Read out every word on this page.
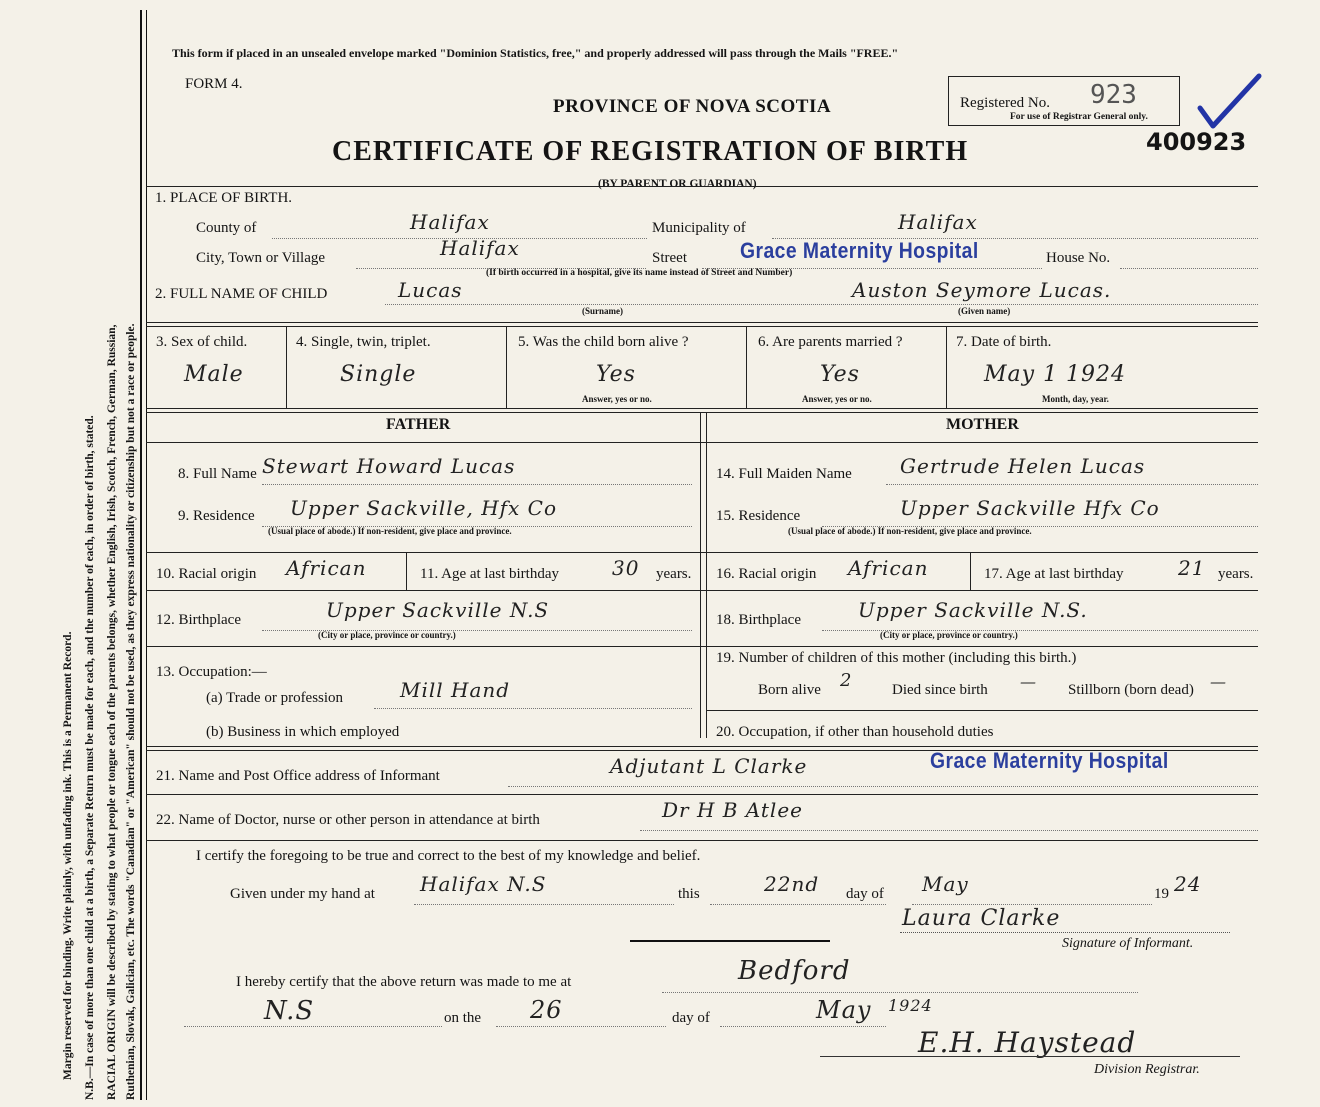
Margin reserved for binding. Write plainly, with unfading ink. This is a Permanent Record. N.B.—In case of more than one child at a birth, a Separate Return must be made for each, and the number of each, in order of birth, stated. RACIAL ORIGIN will be described by stating to what people or tongue each of the parents belongs, whether English, Irish, Scotch, French, German, Russian, Ruthenian, Slovak, Galician, etc. The words "Canadian" or "American" should not be used, as they express nationality or citizenship but not a race or people.
This form if placed in an unsealed envelope marked "Dominion Statistics, free," and properly addressed will pass through the Mails "FREE."
FORM 4.
PROVINCE OF NOVA SCOTIA
CERTIFICATE OF REGISTRATION OF BIRTH
(BY PARENT OR GUARDIAN)
Registered No. 923
For use of Registrar General only.
400923
1. PLACE OF BIRTH.
County of	Halifax	Municipality of	Halifax
City, Town or Village	Halifax	Street Grace Maternity Hospital	House No.
(If birth occurred in a hospital, give its name instead of Street and Number)
2. FULL NAME OF CHILD	Lucas
(Surname)
Auston Seymore Lucas.
(Given name)
3. Sex of child.
Male
4. Single, twin, triplet.
Single
5. Was the child born alive ?
Yes
Answer, yes or no.
6. Are parents married ?
Yes
Answer, yes or no.
7. Date of birth.
May 1 1924
Month, day, year.
FATHER	MOTHER
8. Full Name Stewart Howard Lucas
9. Residence Upper Sackville, Hfx Co
(Usual place of abode.) If non-resident, give place and province.
10. Racial origin African	11. Age at last birthday	30 years.
12. Birthplace	Upper Sackville N.S
(City or place, province or country.)
13. Occupation:—
(a) Trade or profession	Mill Hand
(b) Business in which employed
14. Full Maiden Name Gertrude Helen Lucas
15. Residence	Upper Sackville Hfx Co
(Usual place of abode.) If non-resident, give place and province.
16. Racial origin African	17. Age at last birthday	21 years.
18. Birthplace	Upper Sackville N.S.
(City or place, province or country.)
19. Number of children of this mother (including this birth.)
Born alive 2	Died since birth — Stillborn (born dead) —
20. Occupation, if other than household duties
21. Name and Post Office address of Informant	Adjutant L Clarke	Grace Maternity Hospital
22. Name of Doctor, nurse or other person in attendance at birth	Dr H B Atlee
I certify the foregoing to be true and correct to the best of my knowledge and belief.
Given under my hand at Halifax N.S	this	22nd day of May	19 24
Laura Clarke
Signature of Informant.
I hereby certify that the above return was made to me at	Bedford
N.S	on the 26	day of	May 1924
E.H. Haystead
Division Registrar.
